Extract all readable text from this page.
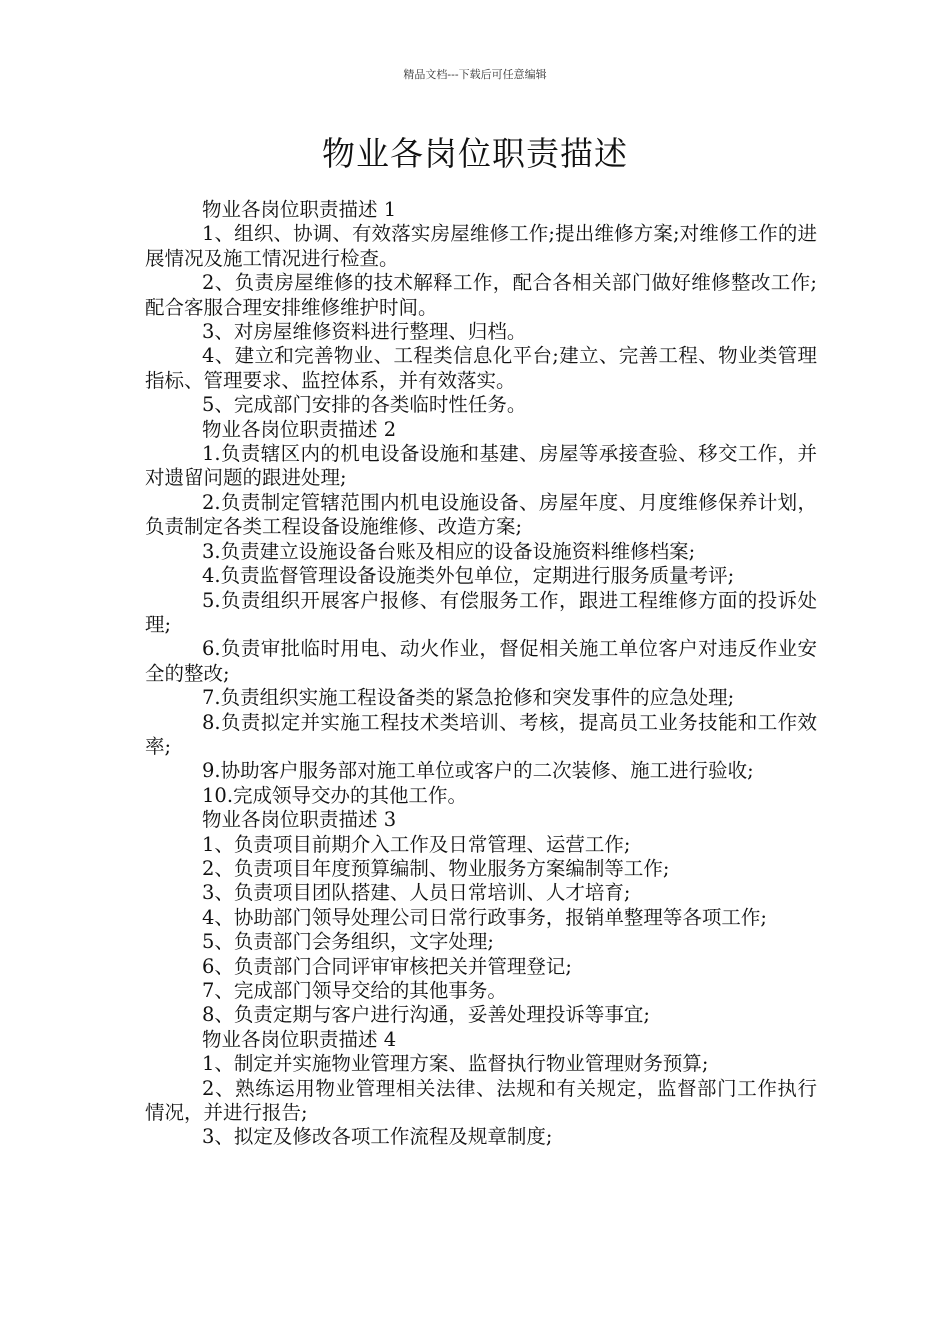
精品文档---下载后可任意编辑
物业各岗位职责描述

物业各岗位职责描述 1

1、组织、协调、有效落实房屋维修工作;提出维修方案;对维修工作的进展情况及施工情况进行检查。

2、负责房屋维修的技术解释工作，配合各相关部门做好维修整改工作;配合客服合理安排维修维护时间。

3、对房屋维修资料进行整理、归档。

4、建立和完善物业、工程类信息化平台;建立、完善工程、物业类管理指标、管理要求、监控体系，并有效落实。

5、完成部门安排的各类临时性任务。

物业各岗位职责描述 2

1.负责辖区内的机电设备设施和基建、房屋等承接查验、移交工作，并对遗留问题的跟进处理;

2.负责制定管辖范围内机电设施设备、房屋年度、月度维修保养计划，负责制定各类工程设备设施维修、改造方案;

3.负责建立设施设备台账及相应的设备设施资料维修档案;

4.负责监督管理设备设施类外包单位，定期进行服务质量考评;

5.负责组织开展客户报修、有偿服务工作，跟进工程维修方面的投诉处理;

6.负责审批临时用电、动火作业，督促相关施工单位客户对违反作业安全的整改;

7.负责组织实施工程设备类的紧急抢修和突发事件的应急处理;

8.负责拟定并实施工程技术类培训、考核，提高员工业务技能和工作效率;

9.协助客户服务部对施工单位或客户的二次装修、施工进行验收;

10.完成领导交办的其他工作。

物业各岗位职责描述 3

1、负责项目前期介入工作及日常管理、运营工作;

2、负责项目年度预算编制、物业服务方案编制等工作;

3、负责项目团队搭建、人员日常培训、人才培育;

4、协助部门领导处理公司日常行政事务，报销单整理等各项工作;

5、负责部门会务组织，文字处理;

6、负责部门合同评审审核把关并管理登记;

7、完成部门领导交给的其他事务。

8、负责定期与客户进行沟通，妥善处理投诉等事宜;

物业各岗位职责描述 4

1、制定并实施物业管理方案、监督执行物业管理财务预算;

2、熟练运用物业管理相关法律、法规和有关规定，监督部门工作执行情况，并进行报告;

3、拟定及修改各项工作流程及规章制度;
